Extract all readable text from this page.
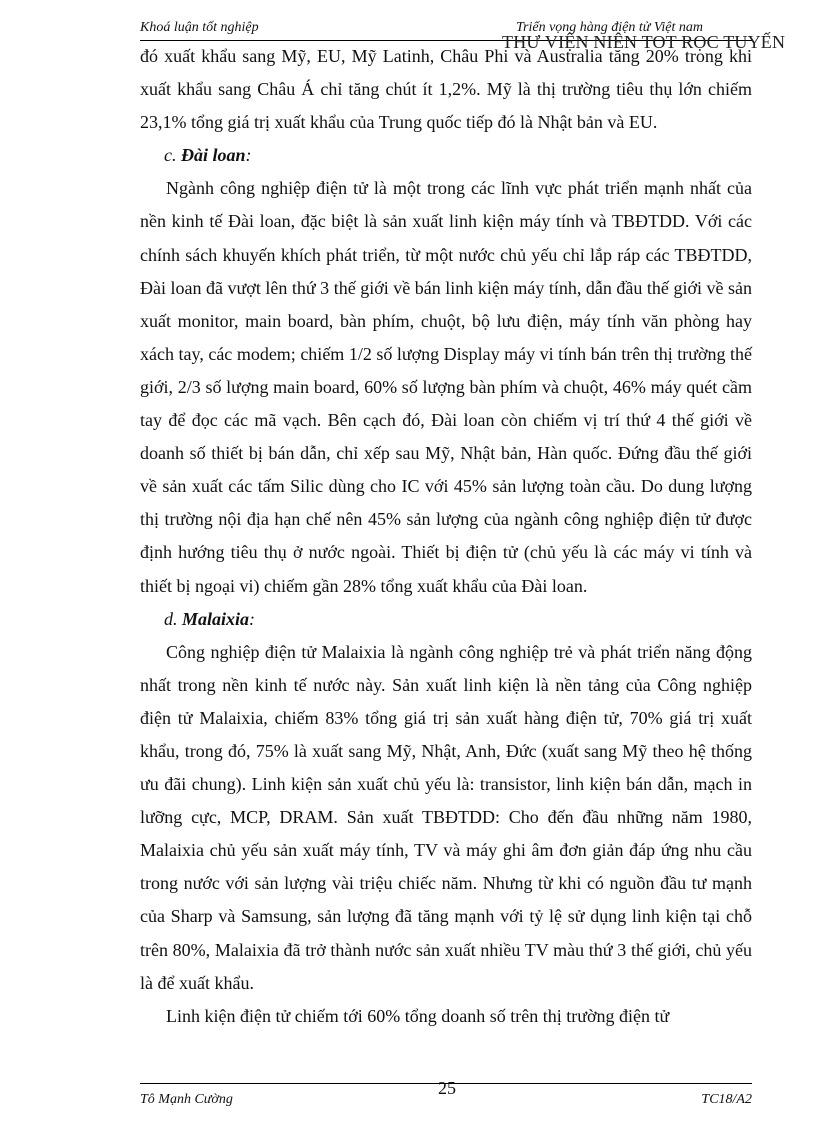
Khoá luận tốt nghiệp	Triển vọng hàng điện tử Việt nam
THƯ VIỆN NIÊN TOT RỌC TUYẾN

đó xuất khẩu sang Mỹ, EU, Mỹ Latinh, Châu Phi và Australia tăng 20% trong khi xuất khẩu sang Châu Á chỉ tăng chút ít 1,2%. Mỹ là thị trường tiêu thụ lớn chiếm 23,1% tổng giá trị xuất khẩu của Trung quốc tiếp đó là Nhật bản và EU.

c. Đài loan:

Ngành công nghiệp điện tử là một trong các lĩnh vực phát triển mạnh nhất của nền kinh tế Đài loan, đặc biệt là sản xuất linh kiện máy tính và TBĐTDD. Với các chính sách khuyến khích phát triển, từ một nước chủ yếu chỉ lắp ráp các TBĐTDD, Đài loan đã vượt lên thứ 3 thế giới về bán linh kiện máy tính, dẫn đầu thế giới về sản xuất monitor, main board, bàn phím, chuột, bộ lưu điện, máy tính văn phòng hay xách tay, các modem; chiếm 1/2 số lượng Display máy vi tính bán trên thị trường thế giới, 2/3 số lượng main board, 60% số lượng bàn phím và chuột, 46% máy quét cầm tay để đọc các mã vạch. Bên cạch đó, Đài loan còn chiếm vị trí thứ 4 thế giới về doanh số thiết bị bán dẫn, chỉ xếp sau Mỹ, Nhật bản, Hàn quốc. Đứng đầu thế giới về sản xuất các tấm Silic dùng cho IC với 45% sản lượng toàn cầu. Do dung lượng thị trường nội địa hạn chế nên 45% sản lượng của ngành công nghiệp điện tử được định hướng tiêu thụ ở nước ngoài. Thiết bị điện tử (chủ yếu là các máy vi tính và thiết bị ngoại vi) chiếm gần 28% tổng xuất khẩu của Đài loan.

d. Malaixia:

Công nghiệp điện tử Malaixia là ngành công nghiệp trẻ và phát triển năng động nhất trong nền kinh tế nước này. Sản xuất linh kiện là nền tảng của Công nghiệp điện tử Malaixia, chiếm 83% tổng giá trị sản xuất hàng điện tử, 70% giá trị xuất khẩu, trong đó, 75% là xuất sang Mỹ, Nhật, Anh, Đức (xuất sang Mỹ theo hệ thống ưu đãi chung). Linh kiện sản xuất chủ yếu là: transistor, linh kiện bán dẫn, mạch in lưỡng cực, MCP, DRAM. Sản xuất TBĐTDD: Cho đến đầu những năm 1980, Malaixia chủ yếu sản xuất máy tính, TV và máy ghi âm đơn giản đáp ứng nhu cầu trong nước với sản lượng vài triệu chiếc năm. Nhưng từ khi có nguồn đầu tư mạnh của Sharp và Samsung, sản lượng đã tăng mạnh với tỷ lệ sử dụng linh kiện tại chỗ trên 80%, Malaixia đã trở thành nước sản xuất nhiều TV màu thứ 3 thế giới, chủ yếu là để xuất khẩu.

Linh kiện điện tử chiếm tới 60% tổng doanh số trên thị trường điện tử

Tô Mạnh Cường
25
TC18/A2
